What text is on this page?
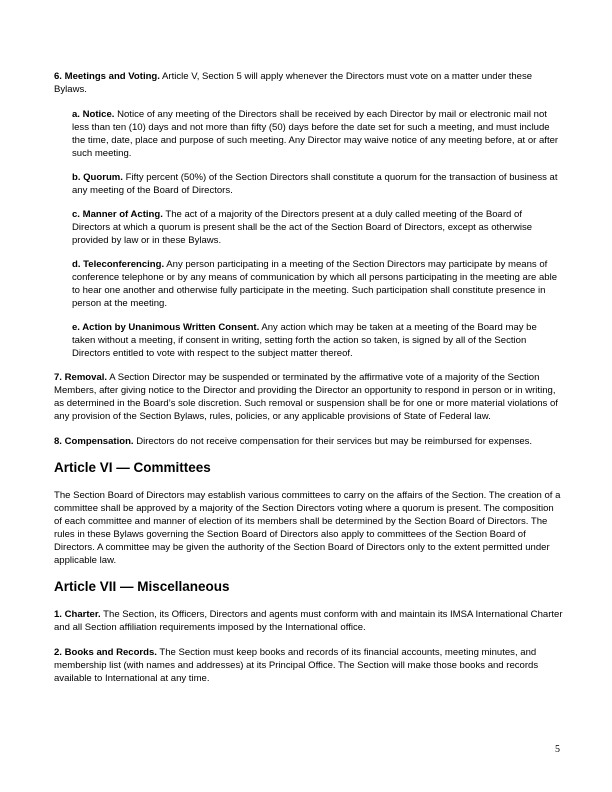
6. Meetings and Voting. Article V, Section 5 will apply whenever the Directors must vote on a matter under these Bylaws.

a. Notice. Notice of any meeting of the Directors shall be received by each Director by mail or electronic mail not less than ten (10) days and not more than fifty (50) days before the date set for such a meeting, and must include the time, date, place and purpose of such meeting. Any Director may waive notice of any meeting before, at or after such meeting.

b. Quorum. Fifty percent (50%) of the Section Directors shall constitute a quorum for the transaction of business at any meeting of the Board of Directors.

c. Manner of Acting. The act of a majority of the Directors present at a duly called meeting of the Board of Directors at which a quorum is present shall be the act of the Section Board of Directors, except as otherwise provided by law or in these Bylaws.

d. Teleconferencing. Any person participating in a meeting of the Section Directors may participate by means of conference telephone or by any means of communication by which all persons participating in the meeting are able to hear one another and otherwise fully participate in the meeting. Such participation shall constitute presence in person at the meeting.

e. Action by Unanimous Written Consent. Any action which may be taken at a meeting of the Board may be taken without a meeting, if consent in writing, setting forth the action so taken, is signed by all of the Section Directors entitled to vote with respect to the subject matter thereof.

7. Removal. A Section Director may be suspended or terminated by the affirmative vote of a majority of the Section Members, after giving notice to the Director and providing the Director an opportunity to respond in person or in writing, as determined in the Board’s sole discretion. Such removal or suspension shall be for one or more material violations of any provision of the Section Bylaws, rules, policies, or any applicable provisions of State of Federal law.

8. Compensation. Directors do not receive compensation for their services but may be reimbursed for expenses.

Article VI — Committees

The Section Board of Directors may establish various committees to carry on the affairs of the Section. The creation of a committee shall be approved by a majority of the Section Directors voting where a quorum is present. The composition of each committee and manner of election of its members shall be determined by the Section Board of Directors. The rules in these Bylaws governing the Section Board of Directors also apply to committees of the Section Board of Directors. A committee may be given the authority of the Section Board of Directors only to the extent permitted under applicable law.

Article VII — Miscellaneous

1. Charter. The Section, its Officers, Directors and agents must conform with and maintain its IMSA International Charter and all Section affiliation requirements imposed by the International office.

2. Books and Records. The Section must keep books and records of its financial accounts, meeting minutes, and membership list (with names and addresses) at its Principal Office. The Section will make those books and records available to International at any time.

5
